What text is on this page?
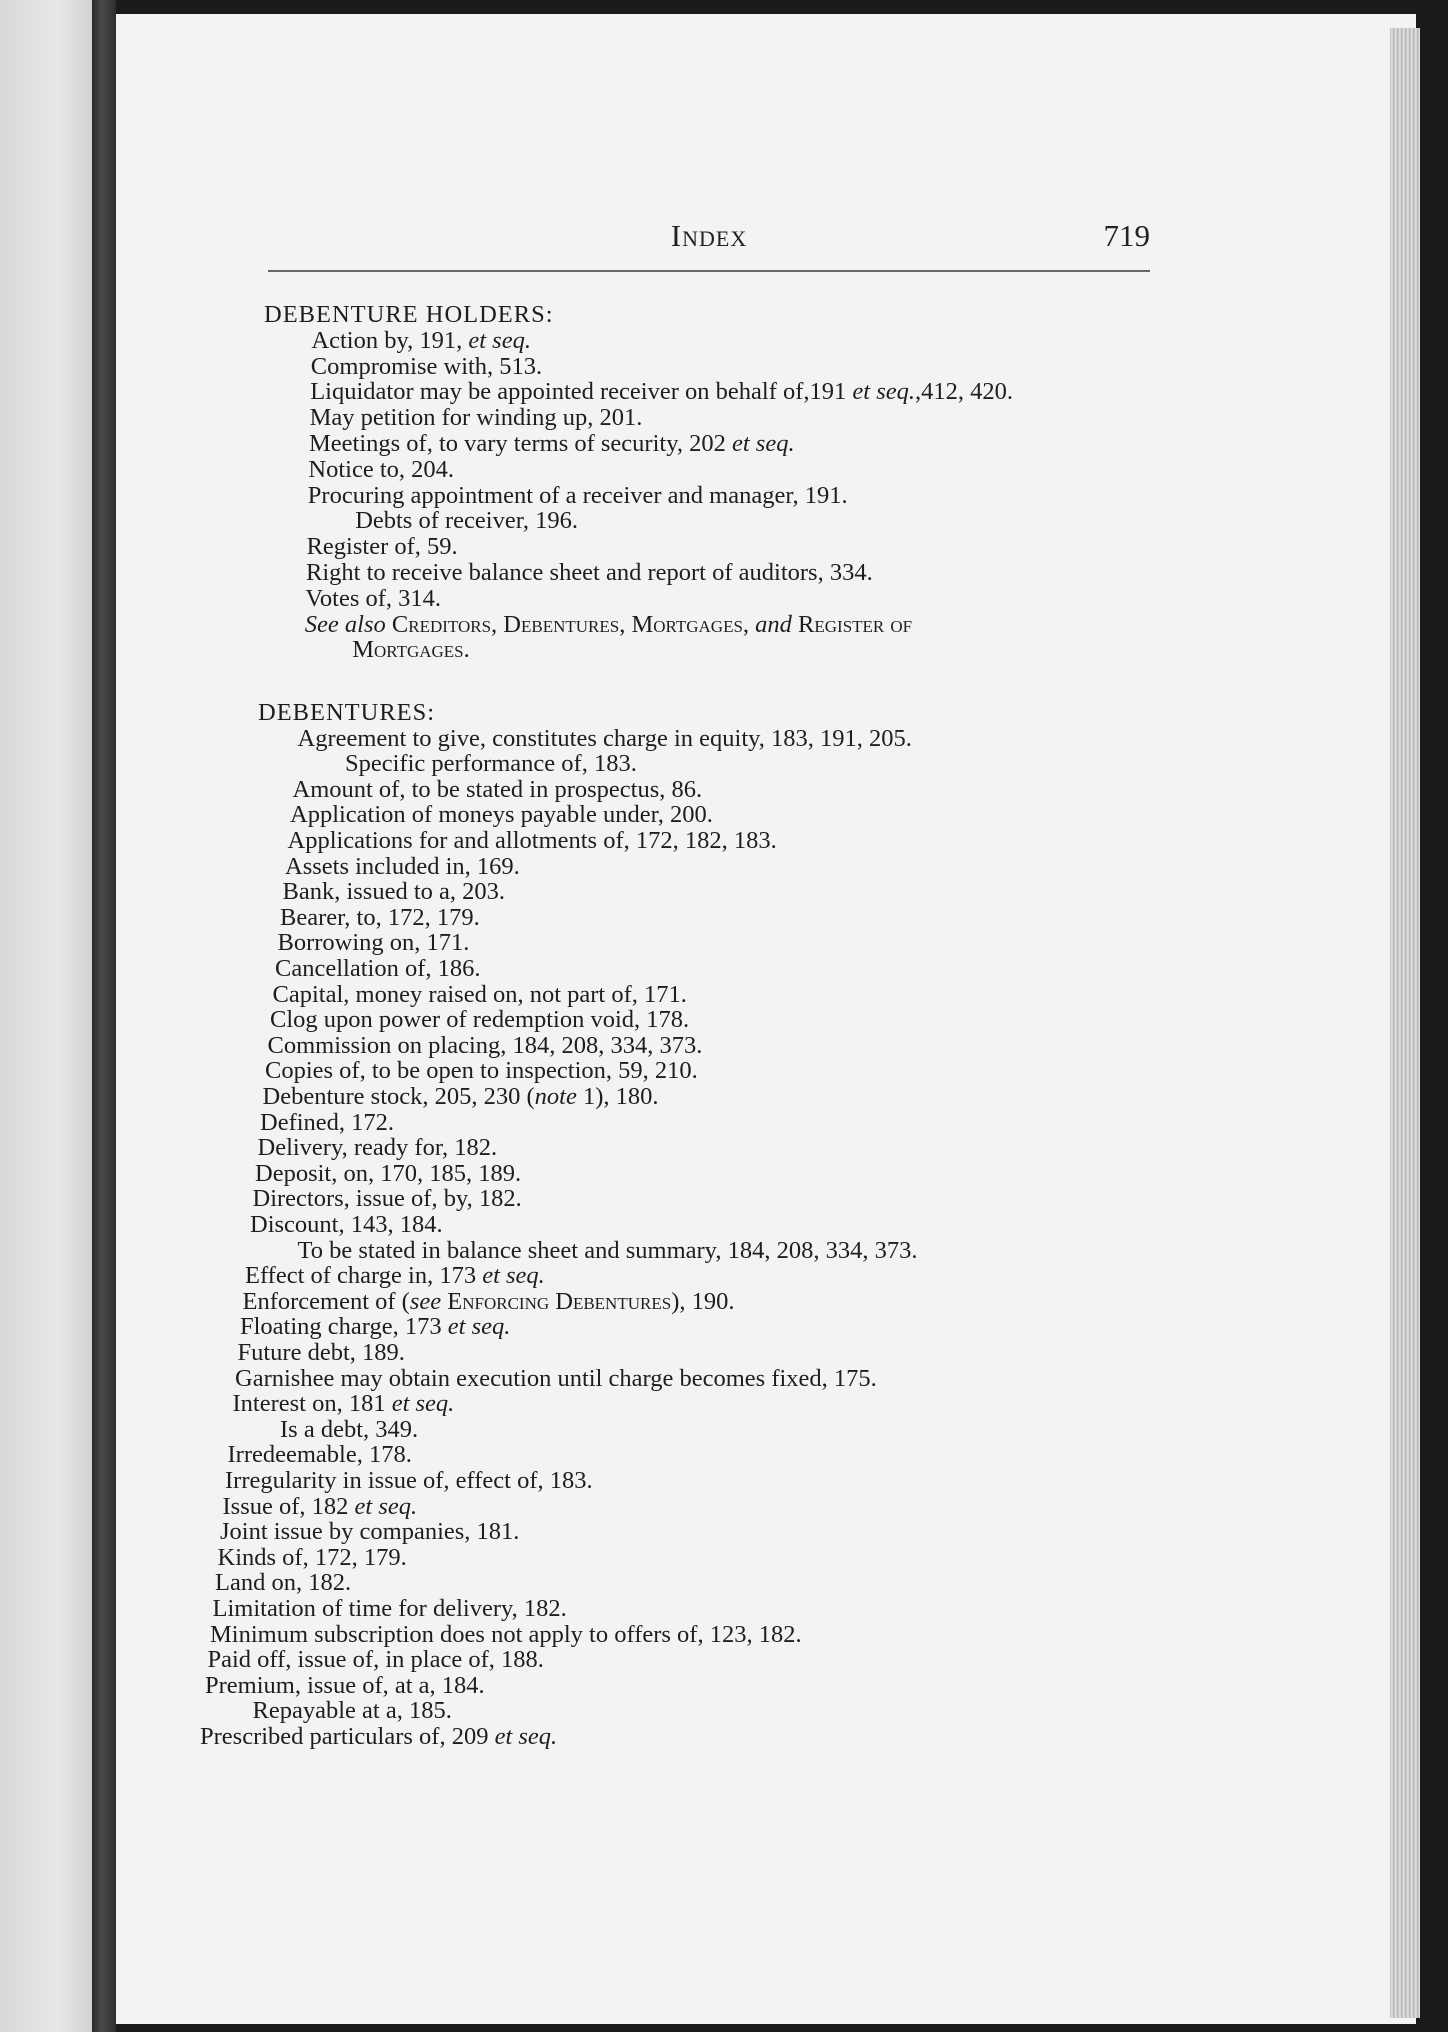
Index	719
DEBENTURE HOLDERS:
Action by, 191, et seq.
Compromise with, 513.
Liquidator may be appointed receiver on behalf of,191 et seq.,412, 420.
May petition for winding up, 201.
Meetings of, to vary terms of security, 202 et seq.
Notice to, 204.
Procuring appointment of a receiver and manager, 191.
Debts of receiver, 196.
Register of, 59.
Right to receive balance sheet and report of auditors, 334.
Votes of, 314.
See also Creditors, Debentures, Mortgages, and Register of
Mortgages.
DEBENTURES:
Agreement to give, constitutes charge in equity, 183, 191, 205.
Specific performance of, 183.
Amount of, to be stated in prospectus, 86.
Application of moneys payable under, 200.
Applications for and allotments of, 172, 182, 183.
Assets included in, 169.
Bank, issued to a, 203.
Bearer, to, 172, 179.
Borrowing on, 171.
Cancellation of, 186.
Capital, money raised on, not part of, 171.
Clog upon power of redemption void, 178.
Commission on placing, 184, 208, 334, 373.
Copies of, to be open to inspection, 59, 210.
Debenture stock, 205, 230 (note 1), 180.
Defined, 172.
Delivery, ready for, 182.
Deposit, on, 170, 185, 189.
Directors, issue of, by, 182.
Discount, 143, 184.
To be stated in balance sheet and summary, 184, 208, 334, 373.
Effect of charge in, 173 et seq.
Enforcement of (see Enforcing Debentures), 190.
Floating charge, 173 et seq.
Future debt, 189.
Garnishee may obtain execution until charge becomes fixed, 175.
Interest on, 181 et seq.
Is a debt, 349.
Irredeemable, 178.
Irregularity in issue of, effect of, 183.
Issue of, 182 et seq.
Joint issue by companies, 181.
Kinds of, 172, 179.
Land on, 182.
Limitation of time for delivery, 182.
Minimum subscription does not apply to offers of, 123, 182.
Paid off, issue of, in place of, 188.
Premium, issue of, at a, 184.
Repayable at a, 185.
Prescribed particulars of, 209 et seq.
